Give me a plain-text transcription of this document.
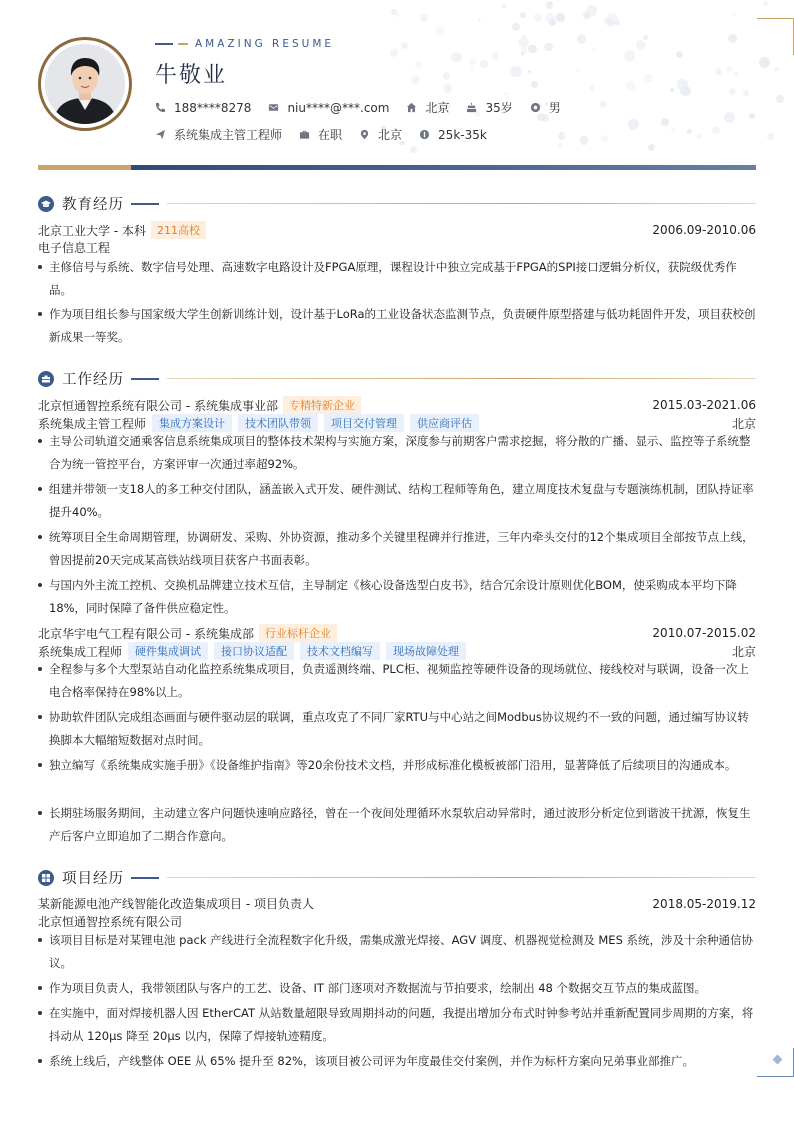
AMAZING RESUME
牛敬业
188****8278	niu****@***.com	北京	35岁	男
系统集成主管工程师	在职	北京	25k-35k
教育经历
北京工业大学 - 本科	211高校	2006.09-2010.06
电子信息工程
主修信号与系统、数字信号处理、高速数字电路设计及FPGA原理，课程设计中独立完成基于FPGA的SPI接口逻辑分析仪，获院级优秀作品。
作为项目组长参与国家级大学生创新训练计划，设计基于LoRa的工业设备状态监测节点，负责硬件原型搭建与低功耗固件开发，项目获校创新成果一等奖。
工作经历
北京恒通智控系统有限公司 - 系统集成事业部	专精特新企业	2015.03-2021.06
系统集成主管工程师	集成方案设计	技术团队带领	项目交付管理	供应商评估	北京
主导公司轨道交通乘客信息系统集成项目的整体技术架构与实施方案，深度参与前期客户需求挖掘，将分散的广播、显示、监控等子系统整合为统一管控平台，方案评审一次通过率超92%。
组建并带领一支18人的多工种交付团队，涵盖嵌入式开发、硬件测试、结构工程师等角色，建立周度技术复盘与专题演练机制，团队持证率提升40%。
统筹项目全生命周期管理，协调研发、采购、外协资源，推动多个关键里程碑并行推进，三年内牵头交付的12个集成项目全部按节点上线，曾因提前20天完成某高铁站线项目获客户书面表彰。
与国内外主流工控机、交换机品牌建立技术互信，主导制定《核心设备选型白皮书》，结合冗余设计原则优化BOM，使采购成本平均下降18%，同时保障了备件供应稳定性。
北京华宇电气工程有限公司 - 系统集成部	行业标杆企业	2010.07-2015.02
系统集成工程师	硬件集成调试	接口协议适配	技术文档编写	现场故障处理	北京
全程参与多个大型泵站自动化监控系统集成项目，负责遥测终端、PLC柜、视频监控等硬件设备的现场就位、接线校对与联调，设备一次上电合格率保持在98%以上。
协助软件团队完成组态画面与硬件驱动层的联调，重点攻克了不同厂家RTU与中心站之间Modbus协议规约不一致的问题，通过编写协议转换脚本大幅缩短数据对点时间。
独立编写《系统集成实施手册》《设备维护指南》等20余份技术文档，并形成标准化模板被部门沿用，显著降低了后续项目的沟通成本。
长期驻场服务期间，主动建立客户问题快速响应路径，曾在一个夜间处理循环水泵软启动异常时，通过波形分析定位到谐波干扰源，恢复生产后客户立即追加了二期合作意向。
项目经历
某新能源电池产线智能化改造集成项目 - 项目负责人	2018.05-2019.12
北京恒通智控系统有限公司
该项目目标是对某锂电池 pack 产线进行全流程数字化升级，需集成激光焊接、AGV 调度、机器视觉检测及 MES 系统，涉及十余种通信协议。
作为项目负责人，我带领团队与客户的工艺、设备、IT 部门逐项对齐数据流与节拍要求，绘制出 48 个数据交互节点的集成蓝图。
在实施中，面对焊接机器人因 EtherCAT 从站数量超限导致周期抖动的问题，我提出增加分布式时钟参考站并重新配置同步周期的方案，将抖动从 120μs 降至 20μs 以内，保障了焊接轨迹精度。
系统上线后，产线整体 OEE 从 65% 提升至 82%，该项目被公司评为年度最佳交付案例，并作为标杆方案向兄弟事业部推广。
